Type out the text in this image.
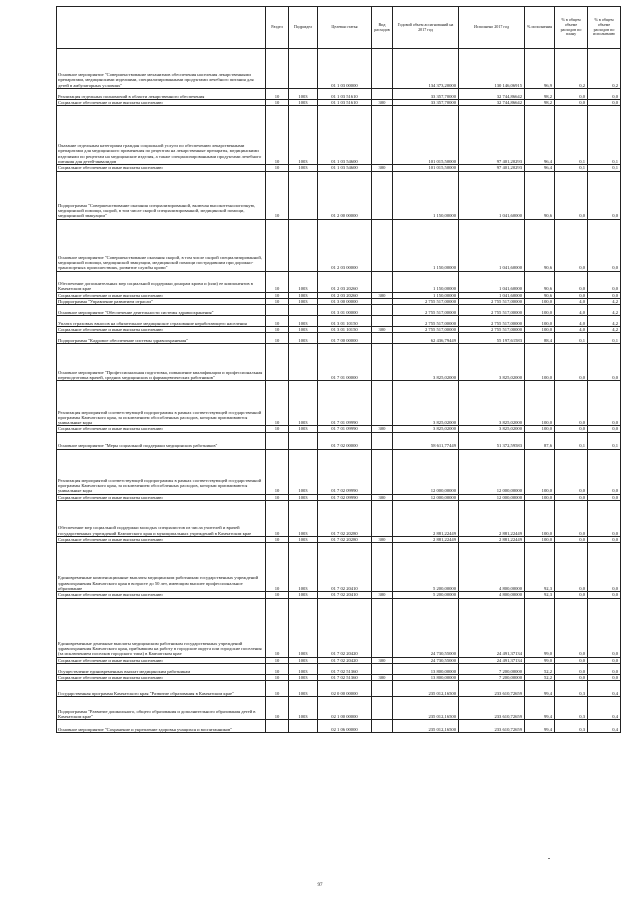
		Раздел	Подраздел	Целевая статья	Вид расходов	Годовой объем ассигнований на 2017 год	Исполнено 2017 год	% исполнения	% в общем объеме расходов по плану	% в общем объеме расходов по исполнению
	Основное мероприятие "Совершенствование механизмов обеспечения населения лекарственными препаратами, медицинскими изделиями, специализированными продуктами лечебного питания для детей в амбулаторных условиях"			01 1 03 00000		134 373,20000	130 146,06915	96,9	0,2	0,2
	Реализация отдельных полномочий в области лекарственного обеспечения	10	1003	01 1 03 51610		33 357,70000	32 744,86642	98,2	0,0	0,0
	Социальное обеспечение и иные выплаты населению	10	1003	01 1 03 51610	300	33 357,70000	32 744,86642	98,2	0,0	0,0
	Оказание отдельным категориям граждан социальной услуги по обеспечению лекарственными препаратами для медицинского применения по рецептам на лекарственные препараты, медицинскими изделиями по рецептам на медицинские изделия, а также специализированными продуктами лечебного питания для детей-инвалидов	10	1003	01 1 03 54600		101 015,50000	97 401,20293	96,4	0,1	0,1
	Социальное обеспечение и иные выплаты населению	10	1003	01 1 03 54600	300	101 015,50000	97 401,20293	96,4	0,1	0,1
	Подпрограмма "Совершенствование оказания специализированной, включая высокотехнологичную, медицинской помощи, скорой, в том числе скорой специализированной, медицинской помощи, медицинской эвакуации"	10		01 2 00 00000		1 150,00000	1 041,60000	90,6	0,0	0,0
	Основное мероприятие "Совершенствование оказания скорой, в том числе скорой специализированной, медицинской помощи, медицинской эвакуации, медицинской помощи пострадавшим при дорожно-транспортных происшествиях, развитие службы крови"			01 2 03 00000		1 150,00000	1 041,60000	90,6	0,0	0,0
	Обеспечение дополнительных мер социальной поддержки донорам крови и (или) ее компонентов в Камчатском крае	10	1003	01 2 03 20260		1 150,00000	1 041,60000	90,6	0,0	0,0
	Социальное обеспечение и иные выплаты населению	10	1003	01 2 03 20260	300	1 150,00000	1 041,60000	90,6	0,0	0,0
	Подпрограмма "Управление развитием отрасли"	10	1003	01 3 00 00000		2 755 517,00000	2 755 517,00000	100,0	4,0	4,2
	Основное мероприятие "Обеспечение деятельности системы здравоохранения"			01 3 01 00000		2 755 517,00000	2 755 517,00000	100,0	4,0	4,2
	Уплата страховых взносов на обязательное медицинское страхование неработающего населения	10	1003	01 3 01 10150		2 755 517,00000	2 755 517,00000	100,0	4,0	4,2
	Социальное обеспечение и иные выплаты населению	10	1003	01 3 01 10150	300	2 755 517,00000	2 755 517,00000	100,0	4,0	4,2
	Подпрограмма "Кадровое обеспечение системы здравоохранения"	10	1003	01 7 00 00000		62 436,79449	55 197,61583	88,4	0,1	0,1
	Основное мероприятие "Профессиональная подготовка, повышение квалификации и профессиональная переподготовка врачей, средних медицинских и фармацевтических работников"			01 7 01 00000		3 825,02000	3 825,02000	100,0	0,0	0,0
	Реализация мероприятий соответствующей подпрограммы в рамках соответствующей государственной программы Камчатского края, за исключением обособленных расходов, которым присваиваются уникальные коды	10	1003	01 7 01 09990		3 825,02000	3 825,02000	100,0	0,0	0,0
	Социальное обеспечение и иные выплаты населению	10	1003	01 7 01 09990	300	3 825,02000	3 825,02000	100,0	0,0	0,0
	Основное мероприятие "Меры социальной поддержки медицинских работников"			01 7 02 00000		58 611,77449	51 372,59583	87,6	0,1	0,1
	Реализация мероприятий соответствующей подпрограммы в рамках соответствующей государственной программы Камчатского края, за исключением обособленных расходов, которым присваиваются уникальные коды	10	1003	01 7 02 09990		12 000,00000	12 000,00000	100,0	0,0	0,0
	Социальное обеспечение и иные выплаты населению	10	1003	01 7 02 09990	300	12 000,00000	12 000,00000	100,0	0,0	0,0
	Обеспечение мер социальной поддержки молодых специалистов из числа учителей и врачей государственных учреждений Камчатского края и муниципальных учреждений в Камчатском крае	10	1003	01 7 02 20280		2 881,22449	2 881,22449	100,0	0,0	0,0
	Социальное обеспечение и иные выплаты населению	10	1003	01 7 02 20280	300	2 881,22449	2 881,22449	100,0	0,0	0,0
	Единовременные компенсационные выплаты медицинским работникам государственных учреждений здравоохранения Камчатского края в возрасте до 50 лет, имеющим высшее профессиональное образование	10	1003	01 7 02 20410		5 200,00000	4 800,00000	92,3	0,0	0,0
	Социальное обеспечение и иные выплаты населению	10	1003	01 7 02 20410	300	5 200,00000	4 800,00000	92,3	0,0	0,0
	Единовременные денежные выплаты медицинским работникам государственных учреждений здравоохранения Камчатского края, прибывшим на работу в городские округа или городские поселения (за исключением поселков городского типа) в Камчатском крае	10	1003	01 7 02 20420		24 730,55000	24 491,37134	99,0	0,0	0,0
	Социальное обеспечение и иные выплаты населению	10	1003	01 7 02 20420	300	24 730,55000	24 491,37134	99,0	0,0	0,0
	Осуществление единовременных выплат медицинским работникам	10	1003	01 7 02 51360		13 800,00000	7 200,00000	52,2	0,0	0,0
	Социальное обеспечение и иные выплаты населению	10	1003	01 7 02 51360	300	13 800,00000	7 200,00000	52,2	0,0	0,0
	Государственная программа Камчатского края "Развитие образования в Камчатском крае"	10	1003	02 0 00 00000		235 012,16500	233 610,72659	99,4	0,3	0,4
	Подпрограмма "Развитие дошкольного, общего образования и дополнительного образования детей в Камчатском крае"	10	1003	02 1 00 00000		235 012,16500	233 610,72659	99,4	0,3	0,4
	Основное мероприятие "Сохранение и укрепление здоровья учащихся и воспитанников"			02 1 06 00000		235 012,16500	233 610,72659	99,4	0,3	0,4
97
